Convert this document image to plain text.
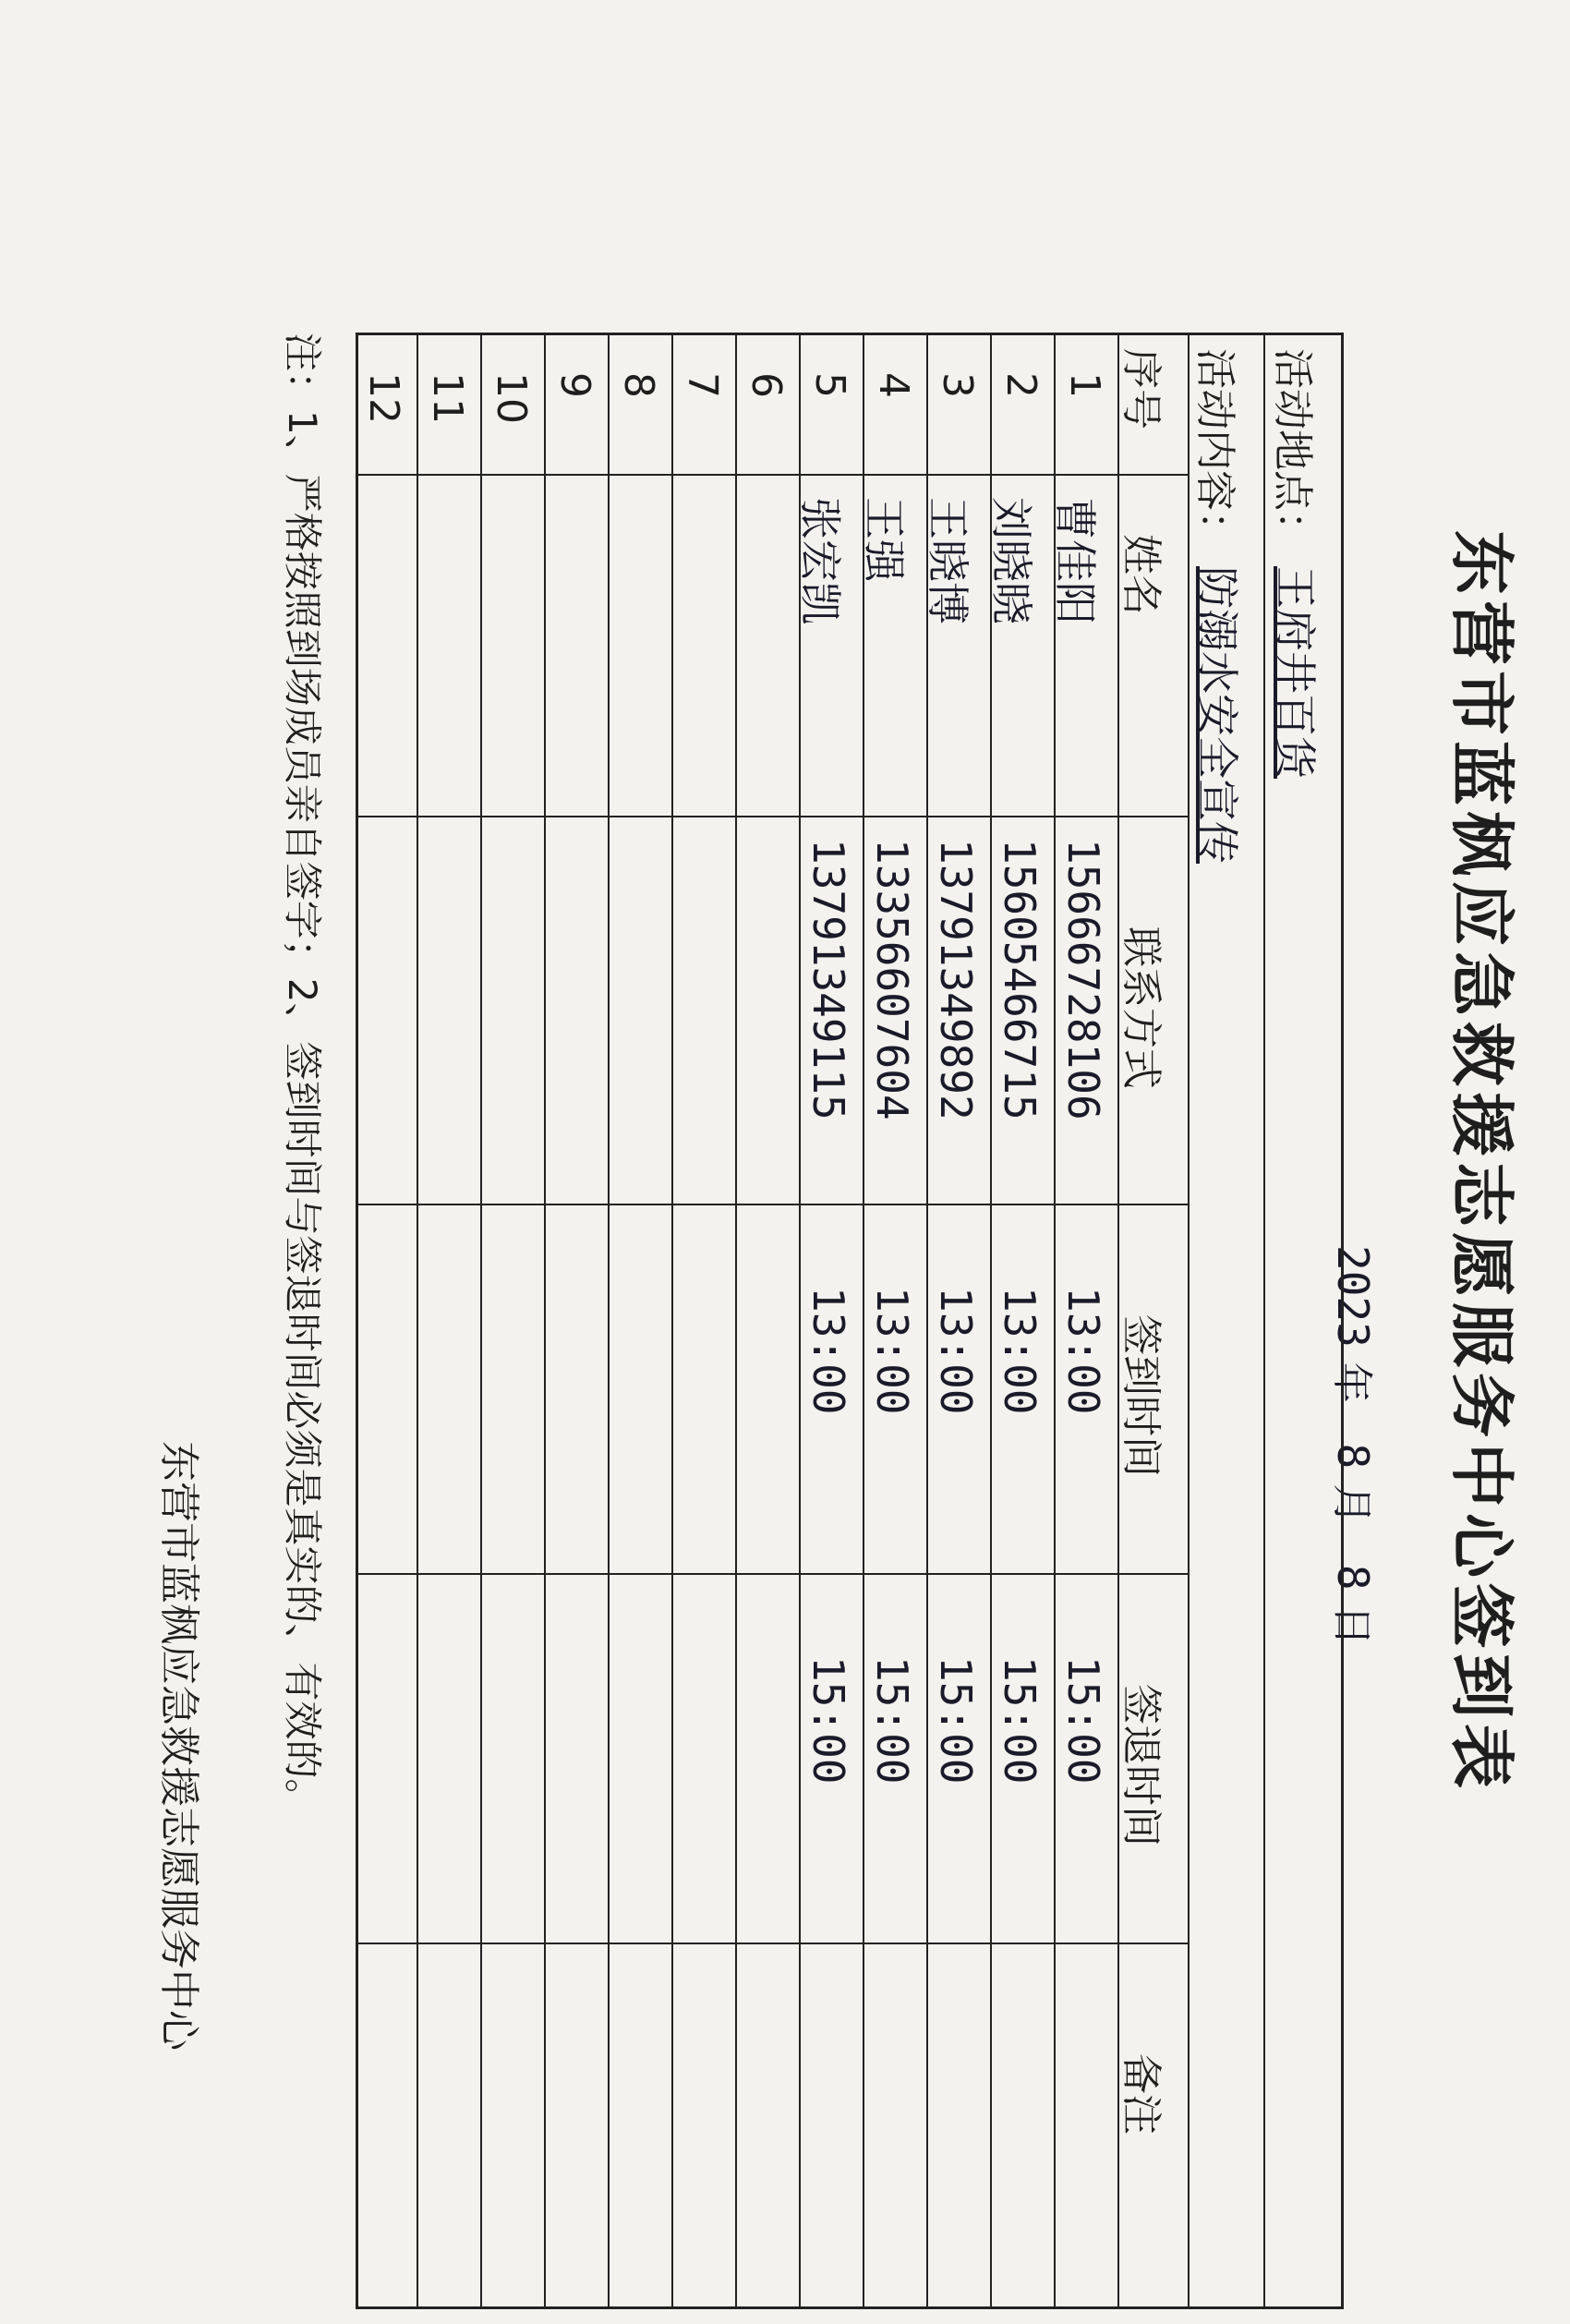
东营市蓝枫应急救援志愿服务中心签到表
2023年 8月 8日
活动地点：
王府井百货
活动内容：
防溺水安全宣传
序号
姓名
联系方式
签到时间
签退时间
备注
1
曹佳阳
15666728106
13:00
15:00
2
刘晓晓
15605466715
13:00
15:00
3
王晓博
13791349892
13:00
15:00
4
王强
13356607604
13:00
15:00
5
张宏凯
13791349115
13:00
15:00
6
7
8
9
10
11
12
注：1、严格按照到场成员亲自签字；2、签到时间与签退时间必须是真实的、有效的。
东营市蓝枫应急救援志愿服务中心
